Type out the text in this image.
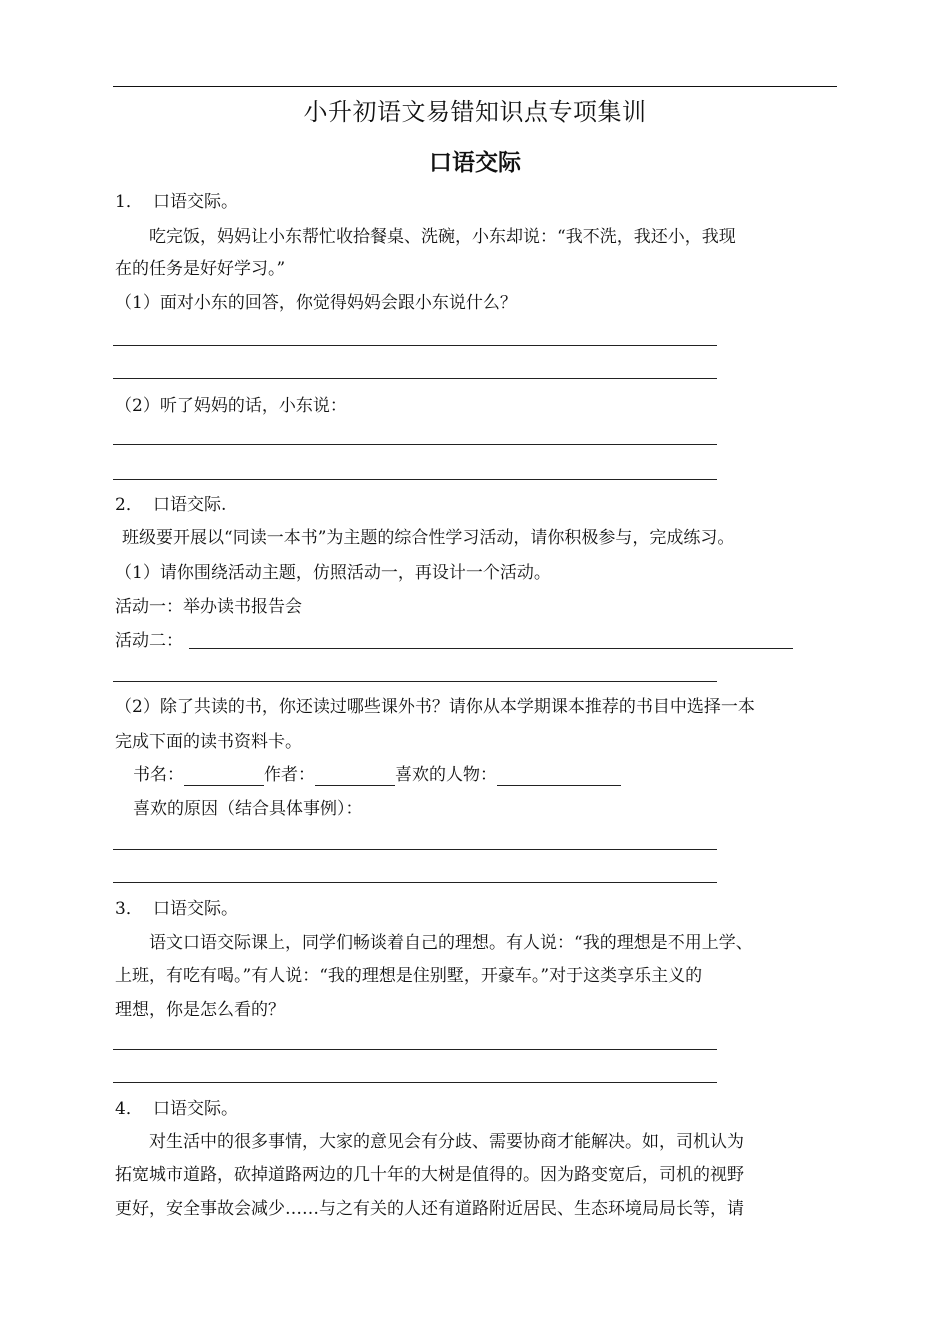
小升初语文易错知识点专项集训
口语交际
1． 口语交际。
吃完饭，妈妈让小东帮忙收拾餐桌、洗碗，小东却说：“我不洗，我还小，我现
在的任务是好好学习。”
（1）面对小东的回答，你觉得妈妈会跟小东说什么？
（2）听了妈妈的话，小东说：
2． 口语交际.
班级要开展以“同读一本书”为主题的综合性学习活动，请你积极参与，完成练习。
（1）请你围绕活动主题，仿照活动一，再设计一个活动。
活动一：举办读书报告会
活动二：
（2）除了共读的书，你还读过哪些课外书？请你从本学期课本推荐的书目中选择一本
完成下面的读书资料卡。
书名：	作者：	喜欢的人物：
喜欢的原因（结合具体事例）：
3． 口语交际。
语文口语交际课上，同学们畅谈着自己的理想。有人说：“我的理想是不用上学、
上班，有吃有喝。”有人说：“我的理想是住别墅，开豪车。”对于这类享乐主义的
理想，你是怎么看的？
4． 口语交际。
对生活中的很多事情，大家的意见会有分歧、需要协商才能解决。如，司机认为
拓宽城市道路，砍掉道路两边的几十年的大树是值得的。因为路变宽后，司机的视野
更好，安全事故会减少……与之有关的人还有道路附近居民、生态环境局局长等，请
